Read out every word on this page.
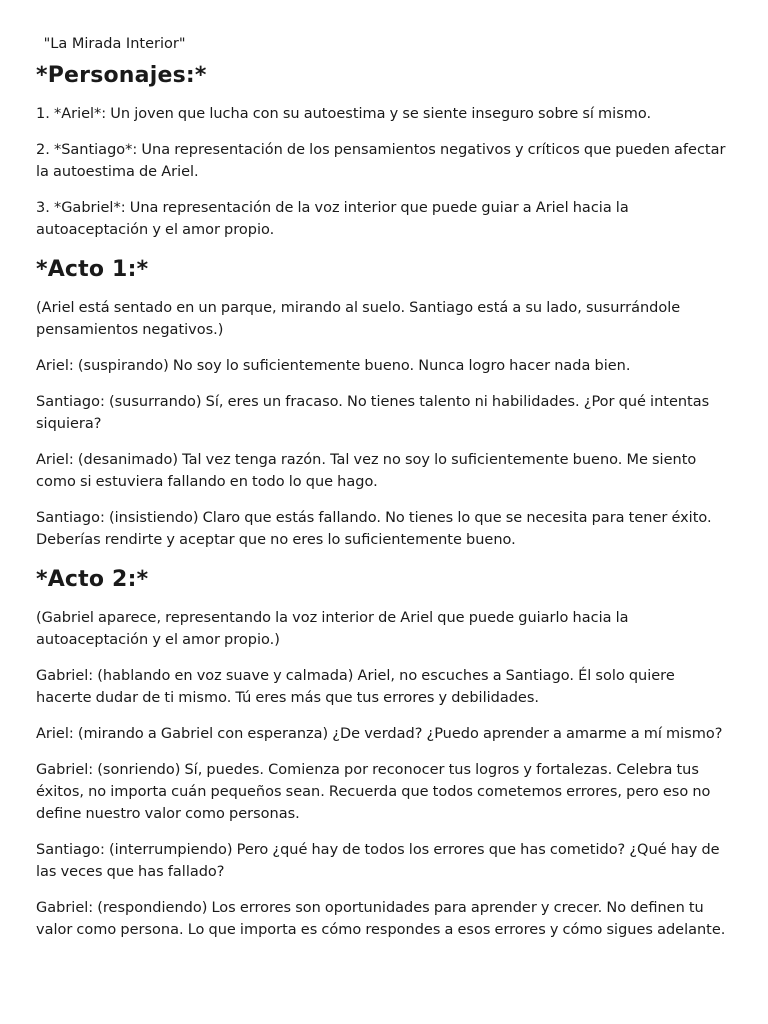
"La Mirada Interior"
*Personajes:*

1. *Ariel*: Un joven que lucha con su autoestima y se siente inseguro sobre sí mismo.

2. *Santiago*: Una representación de los pensamientos negativos y críticos que pueden afectar la autoestima de Ariel.

3. *Gabriel*: Una representación de la voz interior que puede guiar a Ariel hacia la autoaceptación y el amor propio.

*Acto 1:*

(Ariel está sentado en un parque, mirando al suelo. Santiago está a su lado, susurrándole pensamientos negativos.)

Ariel: (suspirando) No soy lo suficientemente bueno. Nunca logro hacer nada bien.

Santiago: (susurrando) Sí, eres un fracaso. No tienes talento ni habilidades. ¿Por qué intentas siquiera?

Ariel: (desanimado) Tal vez tenga razón. Tal vez no soy lo suficientemente bueno. Me siento como si estuviera fallando en todo lo que hago.

Santiago: (insistiendo) Claro que estás fallando. No tienes lo que se necesita para tener éxito. Deberías rendirte y aceptar que no eres lo suficientemente bueno.

*Acto 2:*

(Gabriel aparece, representando la voz interior de Ariel que puede guiarlo hacia la autoaceptación y el amor propio.)

Gabriel: (hablando en voz suave y calmada) Ariel, no escuches a Santiago. Él solo quiere hacerte dudar de ti mismo. Tú eres más que tus errores y debilidades.

Ariel: (mirando a Gabriel con esperanza) ¿De verdad? ¿Puedo aprender a amarme a mí mismo?

Gabriel: (sonriendo) Sí, puedes. Comienza por reconocer tus logros y fortalezas. Celebra tus éxitos, no importa cuán pequeños sean. Recuerda que todos cometemos errores, pero eso no define nuestro valor como personas.

Santiago: (interrumpiendo) Pero ¿qué hay de todos los errores que has cometido? ¿Qué hay de las veces que has fallado?

Gabriel: (respondiendo) Los errores son oportunidades para aprender y crecer. No definen tu valor como persona. Lo que importa es cómo respondes a esos errores y cómo sigues adelante.
